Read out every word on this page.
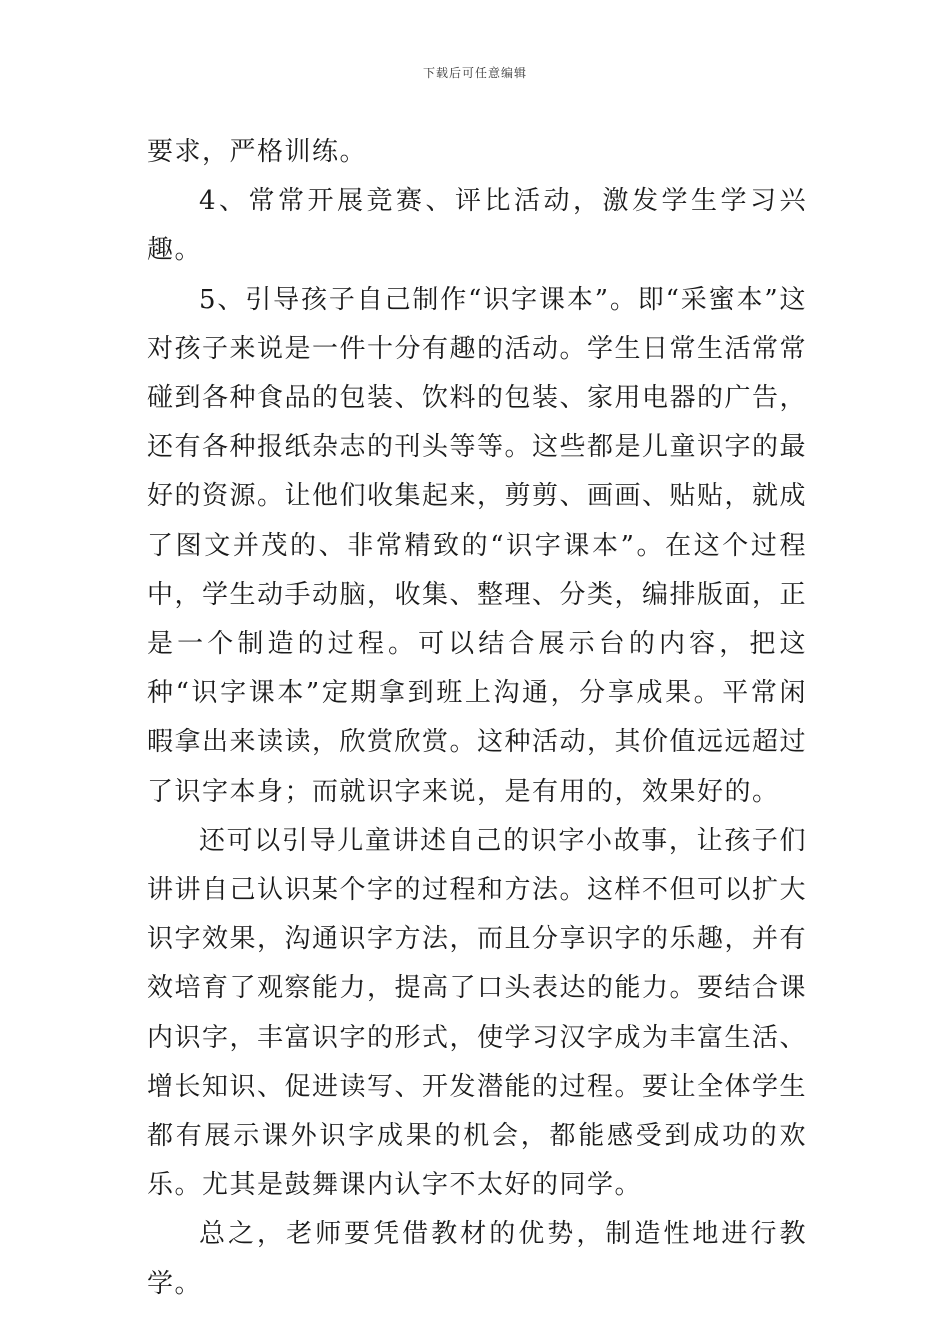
下载后可任意编辑

要求，严格训练。

4、常常开展竞赛、评比活动，激发学生学习兴趣。

5、引导孩子自己制作“识字课本”。即“采蜜本”这对孩子来说是一件十分有趣的活动。学生日常生活常常碰到各种食品的包装、饮料的包装、家用电器的广告，还有各种报纸杂志的刊头等等。这些都是儿童识字的最好的资源。让他们收集起来，剪剪、画画、贴贴，就成了图文并茂的、非常精致的“识字课本”。在这个过程中，学生动手动脑，收集、整理、分类，编排版面，正是一个制造的过程。可以结合展示台的内容，把这种“识字课本”定期拿到班上沟通，分享成果。平常闲暇拿出来读读，欣赏欣赏。这种活动，其价值远远超过了识字本身；而就识字来说，是有用的，效果好的。

还可以引导儿童讲述自己的识字小故事，让孩子们讲讲自己认识某个字的过程和方法。这样不但可以扩大识字效果，沟通识字方法，而且分享识字的乐趣，并有效培育了观察能力，提高了口头表达的能力。要结合课内识字，丰富识字的形式，使学习汉字成为丰富生活、增长知识、促进读写、开发潜能的过程。要让全体学生都有展示课外识字成果的机会，都能感受到成功的欢乐。尤其是鼓舞课内认字不太好的同学。

总之，老师要凭借教材的优势，制造性地进行教学。
